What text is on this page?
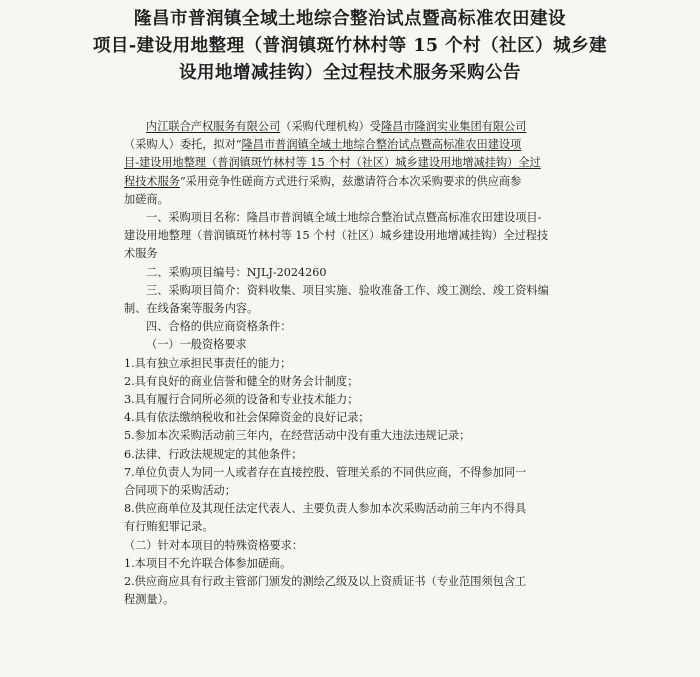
隆昌市普润镇全域土地综合整治试点暨高标准农田建设
项目-建设用地整理（普润镇斑竹林村等 15 个村（社区）城乡建
设用地增减挂钩）全过程技术服务采购公告
内江联合产权服务有限公司（采购代理机构）受隆昌市隆润实业集团有限公司
（采购人）委托，拟对“隆昌市普润镇全域土地综合整治试点暨高标准农田建设项
目-建设用地整理（普润镇斑竹林村等 15 个村（社区）城乡建设用地增减挂钩）全过
程技术服务”采用竞争性磋商方式进行采购，兹邀请符合本次采购要求的供应商参
加磋商。
一、采购项目名称：隆昌市普润镇全域土地综合整治试点暨高标准农田建设项目-
建设用地整理（普润镇斑竹林村等 15 个村（社区）城乡建设用地增减挂钩）全过程技
术服务
二、采购项目编号：NJLJ-2024260
三、采购项目简介：资料收集、项目实施、验收准备工作、竣工测绘、竣工资料编
制、在线备案等服务内容。
四、合格的供应商资格条件：
（一）一般资格要求
1.具有独立承担民事责任的能力；
2.具有良好的商业信誉和健全的财务会计制度；
3.具有履行合同所必须的设备和专业技术能力；
4.具有依法缴纳税收和社会保障资金的良好记录；
5.参加本次采购活动前三年内，在经营活动中没有重大违法违规记录；
6.法律、行政法规规定的其他条件；
7.单位负责人为同一人或者存在直接控股、管理关系的不同供应商，不得参加同一
合同项下的采购活动；
8.供应商单位及其现任法定代表人、主要负责人参加本次采购活动前三年内不得具
有行贿犯罪记录。
（二）针对本项目的特殊资格要求：
1.本项目不允许联合体参加磋商。
2.供应商应具有行政主管部门颁发的测绘乙级及以上资质证书（专业范围须包含工
程测量）。
